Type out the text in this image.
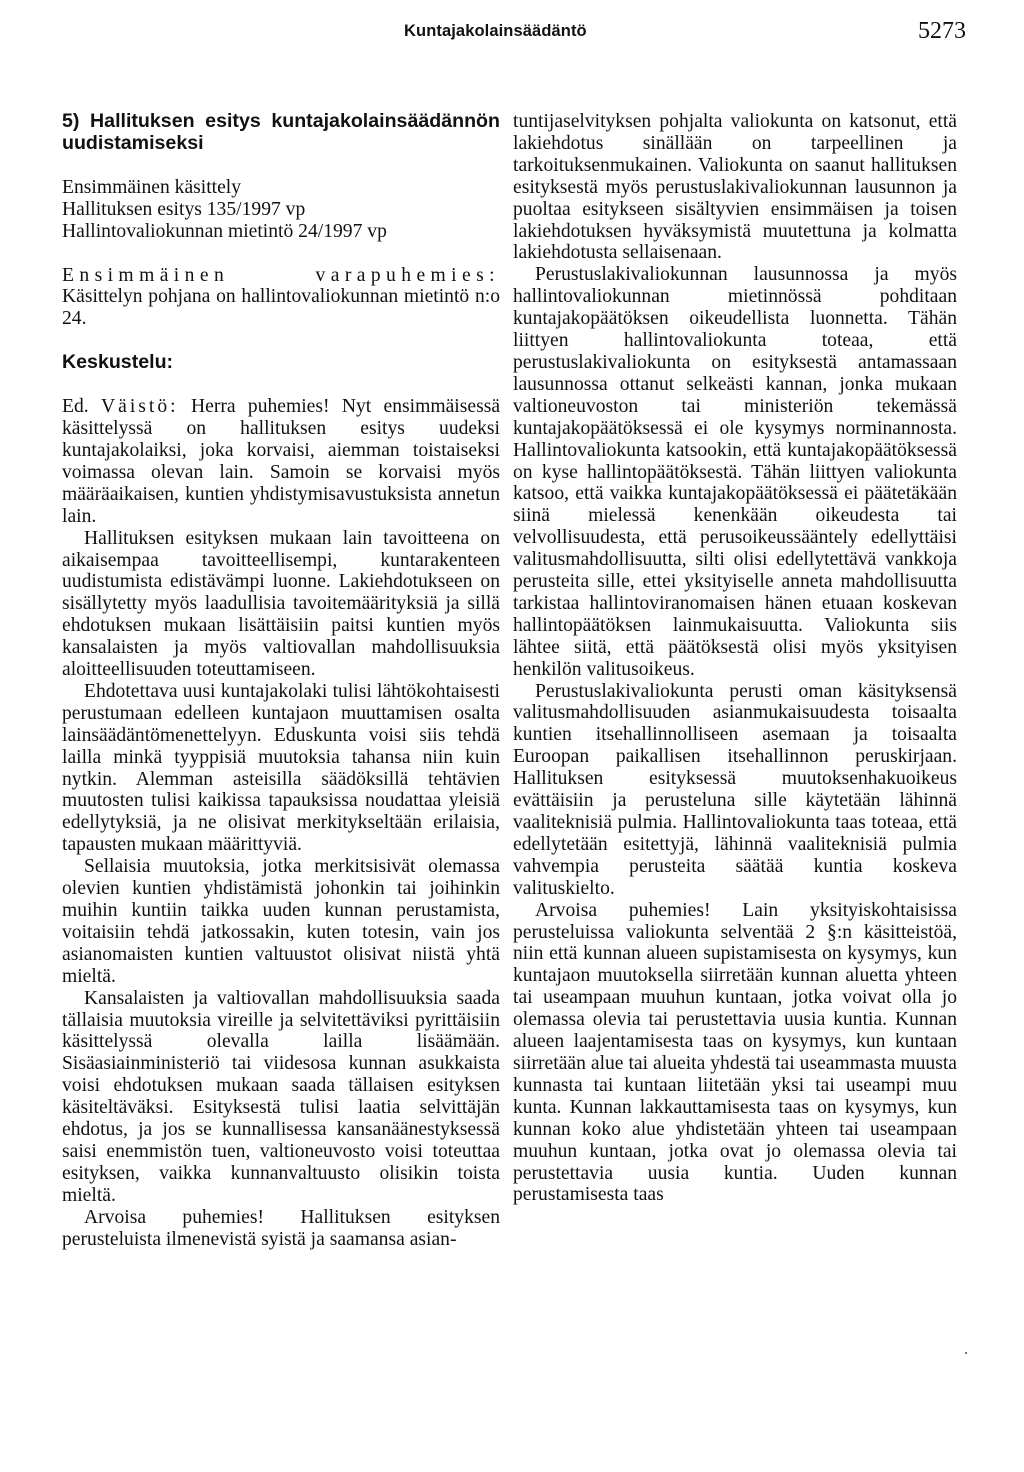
Kuntajakolainsäädäntö	5273

5) Hallituksen esitys kuntajakolainsäädännön uudistamiseksi

Ensimmäinen käsittely
Hallituksen esitys 135/1997 vp
Hallintovaliokunnan mietintö 24/1997 vp

Ensimmäinen varapuhemies: Käsittelyn pohjana on hallintovaliokunnan mietintö n:o 24.

Keskustelu:

Ed. Väistö: Herra puhemies! Nyt ensimmäisessä käsittelyssä on hallituksen esitys uudeksi kuntajakolaiksi, joka korvaisi, aiemman toistaiseksi voimassa olevan lain. Samoin se korvaisi myös määräaikaisen, kuntien yhdistymisavustuksista annetun lain.

Hallituksen esityksen mukaan lain tavoitteena on aikaisempaa tavoitteellisempi, kuntarakenteen uudistumista edistävämpi luonne. Lakiehdotukseen on sisällytetty myös laadullisia tavoitemäärityksiä ja sillä ehdotuksen mukaan lisättäisiin paitsi kuntien myös kansalaisten ja myös valtiovallan mahdollisuuksia aloitteellisuuden toteuttamiseen.

Ehdotettava uusi kuntajakolaki tulisi lähtökohtaisesti perustumaan edelleen kuntajaon muuttamisen osalta lainsäädäntömenettelyyn. Eduskunta voisi siis tehdä lailla minkä tyyppisiä muutoksia tahansa niin kuin nytkin. Alemman asteisilla säädöksillä tehtävien muutosten tulisi kaikissa tapauksissa noudattaa yleisiä edellytyksiä, ja ne olisivat merkitykseltään erilaisia, tapausten mukaan määrittyviä.

Sellaisia muutoksia, jotka merkitsisivät olemassa olevien kuntien yhdistämistä johonkin tai joihinkin muihin kuntiin taikka uuden kunnan perustamista, voitaisiin tehdä jatkossakin, kuten totesin, vain jos asianomaisten kuntien valtuustot olisivat niistä yhtä mieltä.

Kansalaisten ja valtiovallan mahdollisuuksia saada tällaisia muutoksia vireille ja selvitettäviksi pyrittäisiin käsittelyssä olevalla lailla lisäämään. Sisäasiainministeriö tai viidesosa kunnan asukkaista voisi ehdotuksen mukaan saada tällaisen esityksen käsiteltäväksi. Esityksestä tulisi laatia selvittäjän ehdotus, ja jos se kunnallisessa kansanäänestyksessä saisi enemmistön tuen, valtioneuvosto voisi toteuttaa esityksen, vaikka kunnanvaltuusto olisikin toista mieltä.

Arvoisa puhemies! Hallituksen esityksen perusteluista ilmenevistä syistä ja saamansa asian-

tuntijaselvityksen pohjalta valiokunta on katsonut, että lakiehdotus sinällään on tarpeellinen ja tarkoituksenmukainen. Valiokunta on saanut hallituksen esityksestä myös perustuslakivaliokunnan lausunnon ja puoltaa esitykseen sisältyvien ensimmäisen ja toisen lakiehdotuksen hyväksymistä muutettuna ja kolmatta lakiehdotusta sellaisenaan.

Perustuslakivaliokunnan lausunnossa ja myös hallintovaliokunnan mietinnössä pohditaan kuntajakopäätöksen oikeudellista luonnetta. Tähän liittyen hallintovaliokunta toteaa, että perustuslakivaliokunta on esityksestä antamassaan lausunnossa ottanut selkeästi kannan, jonka mukaan valtioneuvoston tai ministeriön tekemässä kuntajakopäätöksessä ei ole kysymys norminannosta. Hallintovaliokunta katsookin, että kuntajakopäätöksessä on kyse hallintopäätöksestä. Tähän liittyen valiokunta katsoo, että vaikka kuntajakopäätöksessä ei päätetäkään siinä mielessä kenenkään oikeudesta tai velvollisuudesta, että perusoikeussääntely edellyttäisi valitusmahdollisuutta, silti olisi edellytettävä vankkoja perusteita sille, ettei yksityiselle anneta mahdollisuutta tarkistaa hallintoviranomaisen hänen etuaan koskevan hallintopäätöksen lainmukaisuutta. Valiokunta siis lähtee siitä, että päätöksestä olisi myös yksityisen henkilön valitusoikeus.

Perustuslakivaliokunta perusti oman käsityksensä valitusmahdollisuuden asianmukaisuudesta toisaalta kuntien itsehallinnolliseen asemaan ja toisaalta Euroopan paikallisen itsehallinnon peruskirjaan. Hallituksen esityksessä muutoksenhakuoikeus evättäisiin ja perusteluna sille käytetään lähinnä vaaliteknisiä pulmia. Hallintovaliokunta taas toteaa, että edellytetään esitettyjä, lähinnä vaaliteknisiä pulmia vahvempia perusteita säätää kuntia koskeva valituskielto.

Arvoisa puhemies! Lain yksityiskohtaisissa perusteluissa valiokunta selventää 2 §:n käsitteistöä, niin että kunnan alueen supistamisesta on kysymys, kun kuntajaon muutoksella siirretään kunnan aluetta yhteen tai useampaan muuhun kuntaan, jotka voivat olla jo olemassa olevia tai perustettavia uusia kuntia. Kunnan alueen laajentamisesta taas on kysymys, kun kuntaan siirretään alue tai alueita yhdestä tai useammasta muusta kunnasta tai kuntaan liitetään yksi tai useampi muu kunta. Kunnan lakkauttamisesta taas on kysymys, kun kunnan koko alue yhdistetään yhteen tai useampaan muuhun kuntaan, jotka ovat jo olemassa olevia tai perustettavia uusia kuntia. Uuden kunnan perustamisesta taas
